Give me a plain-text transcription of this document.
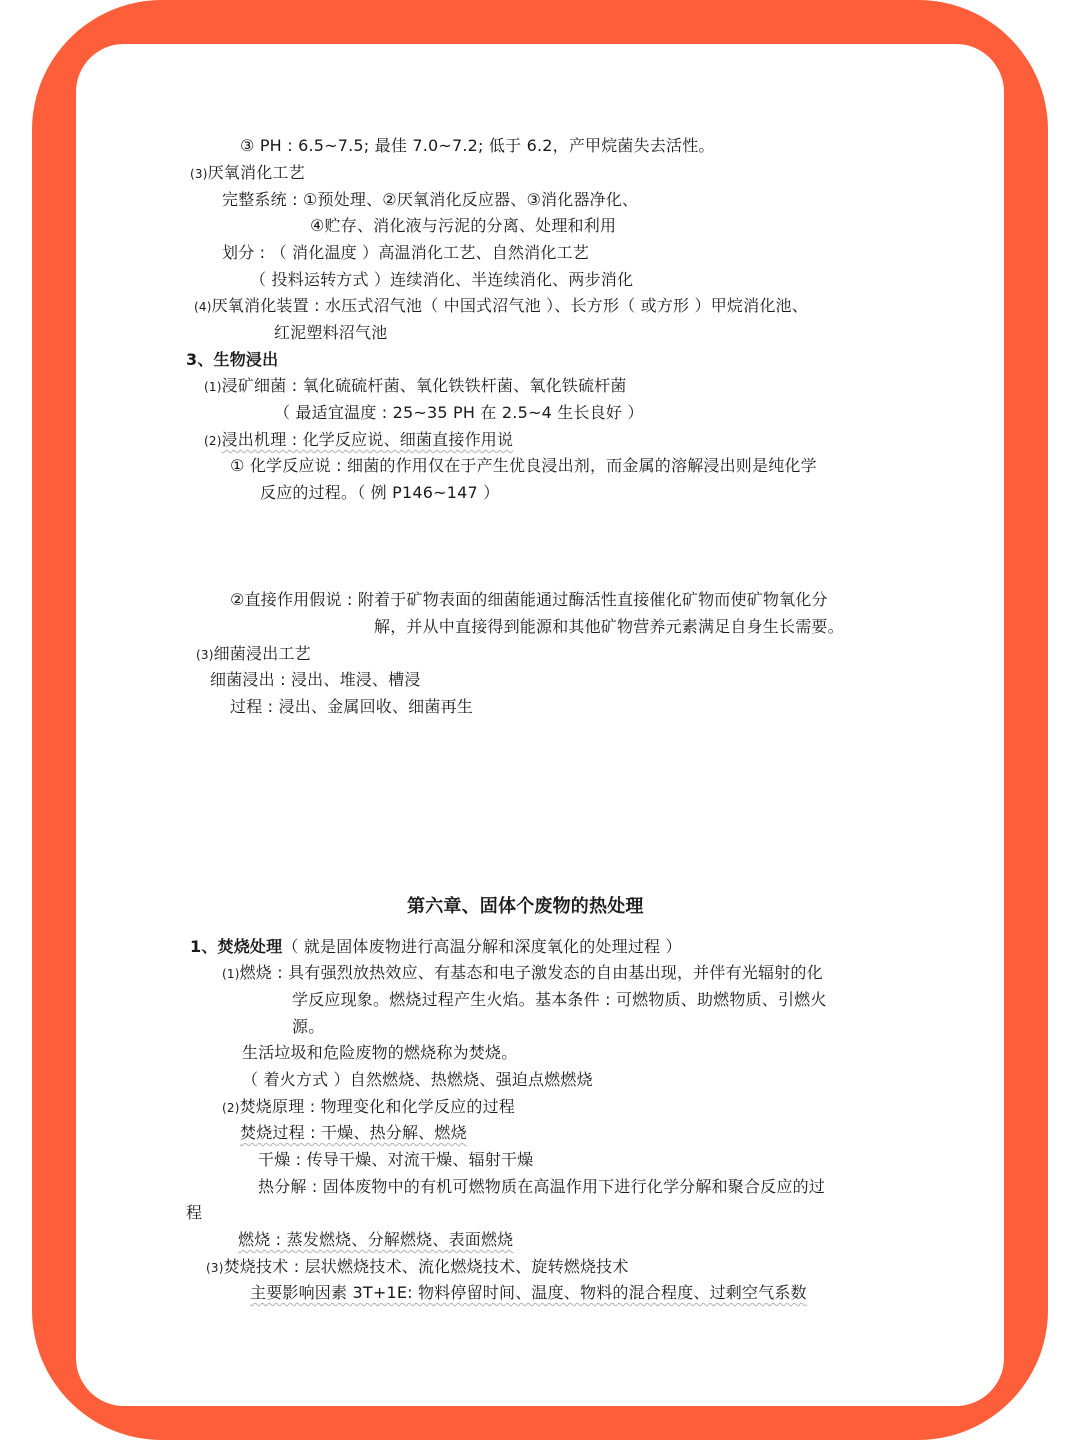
③ PH : 6.5~7.5; 最佳 7.0~7.2; 低于 6.2，产甲烷菌失去活性。
(3)厌氧消化工艺
完整系统 : ①预处理、②厌氧消化反应器、③消化器净化、
④贮存、消化液与污泥的分离、处理和利用
划分 : （ 消化温度 ）高温消化工艺、自然消化工艺
（ 投料运转方式 ）连续消化、半连续消化、两步消化
(4)厌氧消化装置 : 水压式沼气池（ 中国式沼气池 ）、长方形（ 或方形 ）甲烷消化池、
红泥塑料沼气池
3、生物浸出
(1)浸矿细菌 : 氧化硫硫杆菌、氧化铁铁杆菌、氧化铁硫杆菌
（ 最适宜温度 : 25~35 PH 在 2.5~4 生长良好 ）
(2)浸出机理 : 化学反应说、细菌直接作用说
① 化学反应说 : 细菌的作用仅在于产生优良浸出剂，而金属的溶解浸出则是纯化学
反应的过程。（ 例 P146~147 ）
②直接作用假说 : 附着于矿物表面的细菌能通过酶活性直接催化矿物而使矿物氧化分
解，并从中直接得到能源和其他矿物营养元素满足自身生长需要。
(3)细菌浸出工艺
细菌浸出 : 浸出、堆浸、槽浸
过程 : 浸出、金属回收、细菌再生
第六章、固体个废物的热处理
1、焚烧处理（ 就是固体废物进行高温分解和深度氧化的处理过程 ）
(1)燃烧 : 具有强烈放热效应、有基态和电子激发态的自由基出现，并伴有光辐射的化
学反应现象。燃烧过程产生火焰。基本条件 : 可燃物质、助燃物质、引燃火
源。
生活垃圾和危险废物的燃烧称为焚烧。
（ 着火方式 ）自然燃烧、热燃烧、强迫点燃燃烧
(2)焚烧原理 : 物理变化和化学反应的过程
焚烧过程 : 干燥、热分解、燃烧
干燥 : 传导干燥、对流干燥、辐射干燥
热分解 : 固体废物中的有机可燃物质在高温作用下进行化学分解和聚合反应的过
程
燃烧 : 蒸发燃烧、分解燃烧、表面燃烧
(3)焚烧技术 : 层状燃烧技术、流化燃烧技术、旋转燃烧技术
主要影响因素 3T+1E: 物料停留时间、温度、物料的混合程度、过剩空气系数
